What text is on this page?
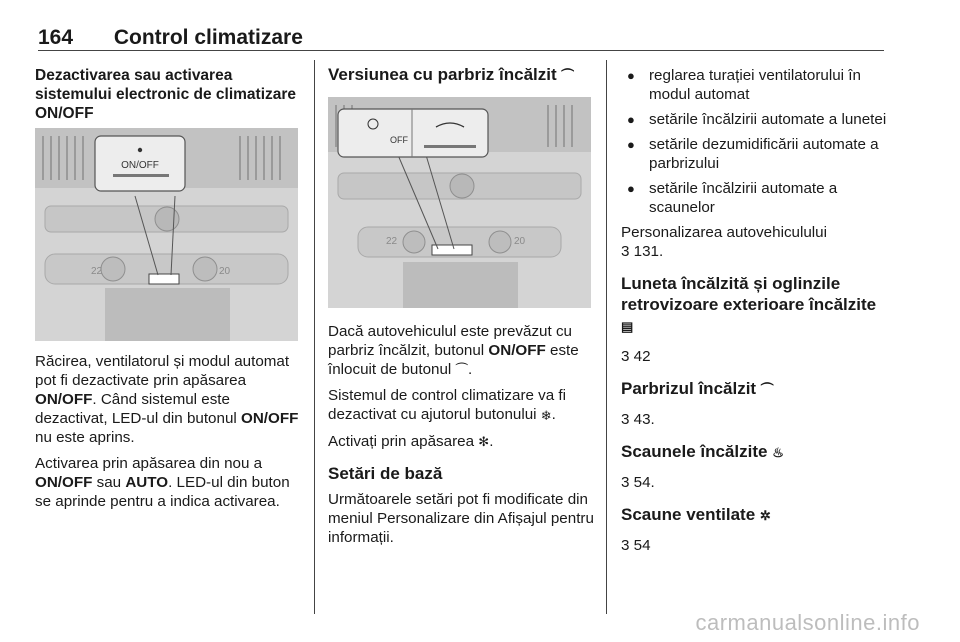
164 Control climatizare

Dezactivarea sau activarea sistemului electronic de climatizare ON/OFF

22	20
ON/OFF

Răcirea, ventilatorul și modul automat pot fi dezactivate prin apăsarea ON/OFF. Când sistemul este dezactivat, LED-ul din butonul ON/OFF nu este aprins.

Activarea prin apăsarea din nou a ON/OFF sau AUTO. LED-ul din buton se aprinde pentru a indica activarea.

Versiunea cu parbriz încălzit ⏜

22	20
OFF

Dacă autovehiculul este prevăzut cu parbriz încălzit, butonul ON/OFF este înlocuit de butonul ⏜.

Sistemul de control climatizare va fi dezactivat cu ajutorul butonului ❄.

Activați prin apăsarea ✻.

Setări de bază

Următoarele setări pot fi modificate din meniul Personalizare din Afișajul pentru informații.

● reglarea turației ventilatorului în modul automat
● setările încălzirii automate a lunetei
● setările dezumidificării automate a parbrizului
● setările încălzirii automate a scaunelor

Personalizarea autovehiculului

3 131.

Luneta încălzită și oglinzile retrovizoare exterioare încălzite ▤

3 42

Parbrizul încălzit ⏜

3 43.

Scaunele încălzite ♨

3 54.

Scaune ventilate ✲

3 54

carmanualsonline.info
